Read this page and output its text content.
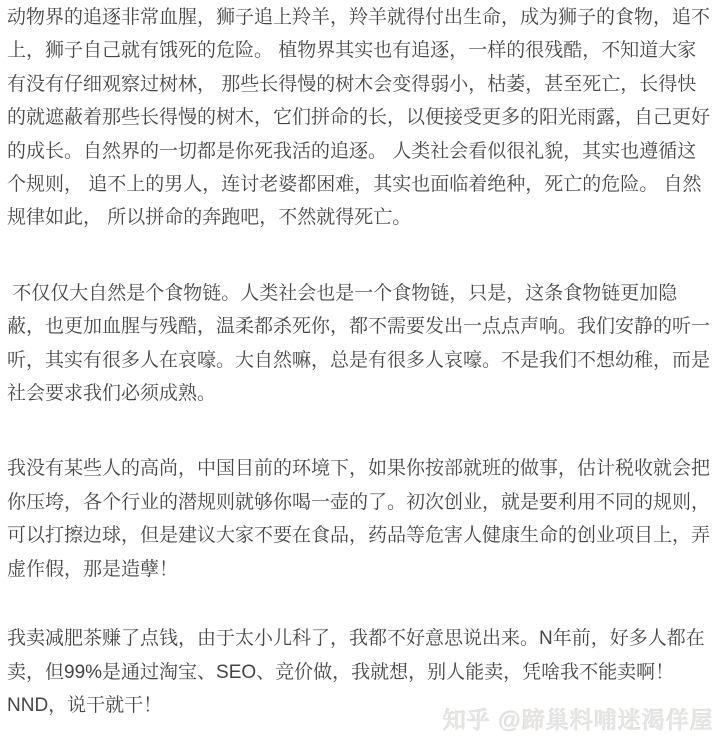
动物界的追逐非常血腥，狮子追上羚羊，羚羊就得付出生命，成为狮子的食物，追不上，狮子自己就有饿死的危险。 植物界其实也有追逐，一样的很残酷，不知道大家有没有仔细观察过树林， 那些长得慢的树木会变得弱小，枯萎，甚至死亡，长得快的就遮蔽着那些长得慢的树木，它们拼命的长，以便接受更多的阳光雨露，自己更好的成长。自然界的一切都是你死我活的追逐。 人类社会看似很礼貌，其实也遵循这个规则， 追不上的男人，连讨老婆都困难，其实也面临着绝种，死亡的危险。 自然规律如此， 所以拼命的奔跑吧，不然就得死亡。

不仅仅大自然是个食物链。人类社会也是一个食物链，只是，这条食物链更加隐蔽，也更加血腥与残酷，温柔都杀死你，都不需要发出一点点声响。我们安静的听一听，其实有很多人在哀嚎。大自然嘛，总是有很多人哀嚎。不是我们不想幼稚，而是社会要求我们必须成熟。

我没有某些人的高尚，中国目前的环境下，如果你按部就班的做事，估计税收就会把你压垮，各个行业的潜规则就够你喝一壶的了。初次创业，就是要利用不同的规则，可以打擦边球，但是建议大家不要在食品，药品等危害人健康生命的创业项目上，弄虚作假，那是造孽！

我卖减肥茶赚了点钱，由于太小儿科了，我都不好意思说出来。N年前，好多人都在卖，但99%是通过淘宝、SEO、竞价做，我就想，别人能卖，凭啥我不能卖啊！NND，说干就干！

知乎 @蹄巢料哺迷渴佯屋
